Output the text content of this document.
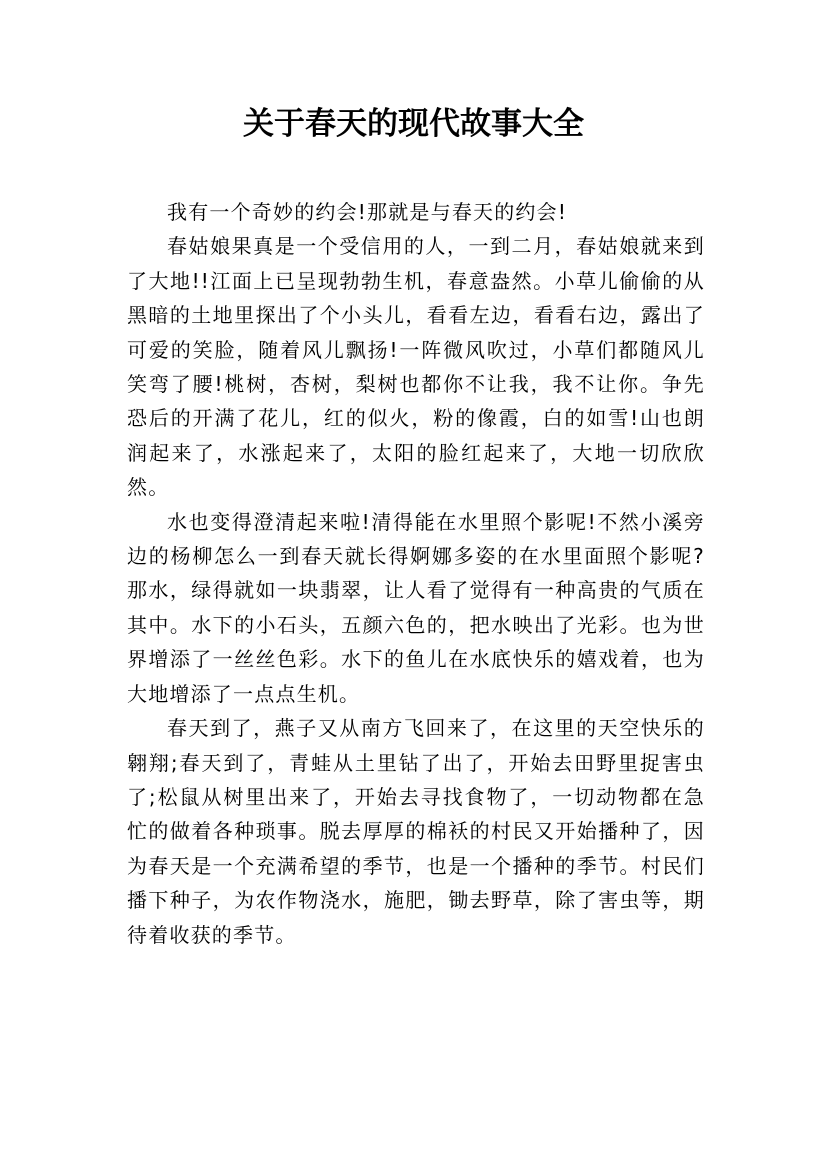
关于春天的现代故事大全

我有一个奇妙的约会!那就是与春天的约会!

春姑娘果真是一个受信用的人，一到二月，春姑娘就来到了大地!!江面上已呈现勃勃生机，春意盎然。小草儿偷偷的从黑暗的土地里探出了个小头儿，看看左边，看看右边，露出了可爱的笑脸，随着风儿飘扬!一阵微风吹过，小草们都随风儿笑弯了腰!桃树，杏树，梨树也都你不让我，我不让你。争先恐后的开满了花儿，红的似火，粉的像霞，白的如雪!山也朗润起来了，水涨起来了，太阳的脸红起来了，大地一切欣欣然。

水也变得澄清起来啦!清得能在水里照个影呢!不然小溪旁边的杨柳怎么一到春天就长得婀娜多姿的在水里面照个影呢?那水，绿得就如一块翡翠，让人看了觉得有一种高贵的气质在其中。水下的小石头，五颜六色的，把水映出了光彩。也为世界增添了一丝丝色彩。水下的鱼儿在水底快乐的嬉戏着，也为大地增添了一点点生机。

春天到了，燕子又从南方飞回来了，在这里的天空快乐的翱翔;春天到了，青蛙从土里钻了出了，开始去田野里捉害虫了;松鼠从树里出来了，开始去寻找食物了，一切动物都在急忙的做着各种琐事。脱去厚厚的棉袄的村民又开始播种了，因为春天是一个充满希望的季节，也是一个播种的季节。村民们播下种子，为农作物浇水，施肥，锄去野草，除了害虫等，期待着收获的季节。
